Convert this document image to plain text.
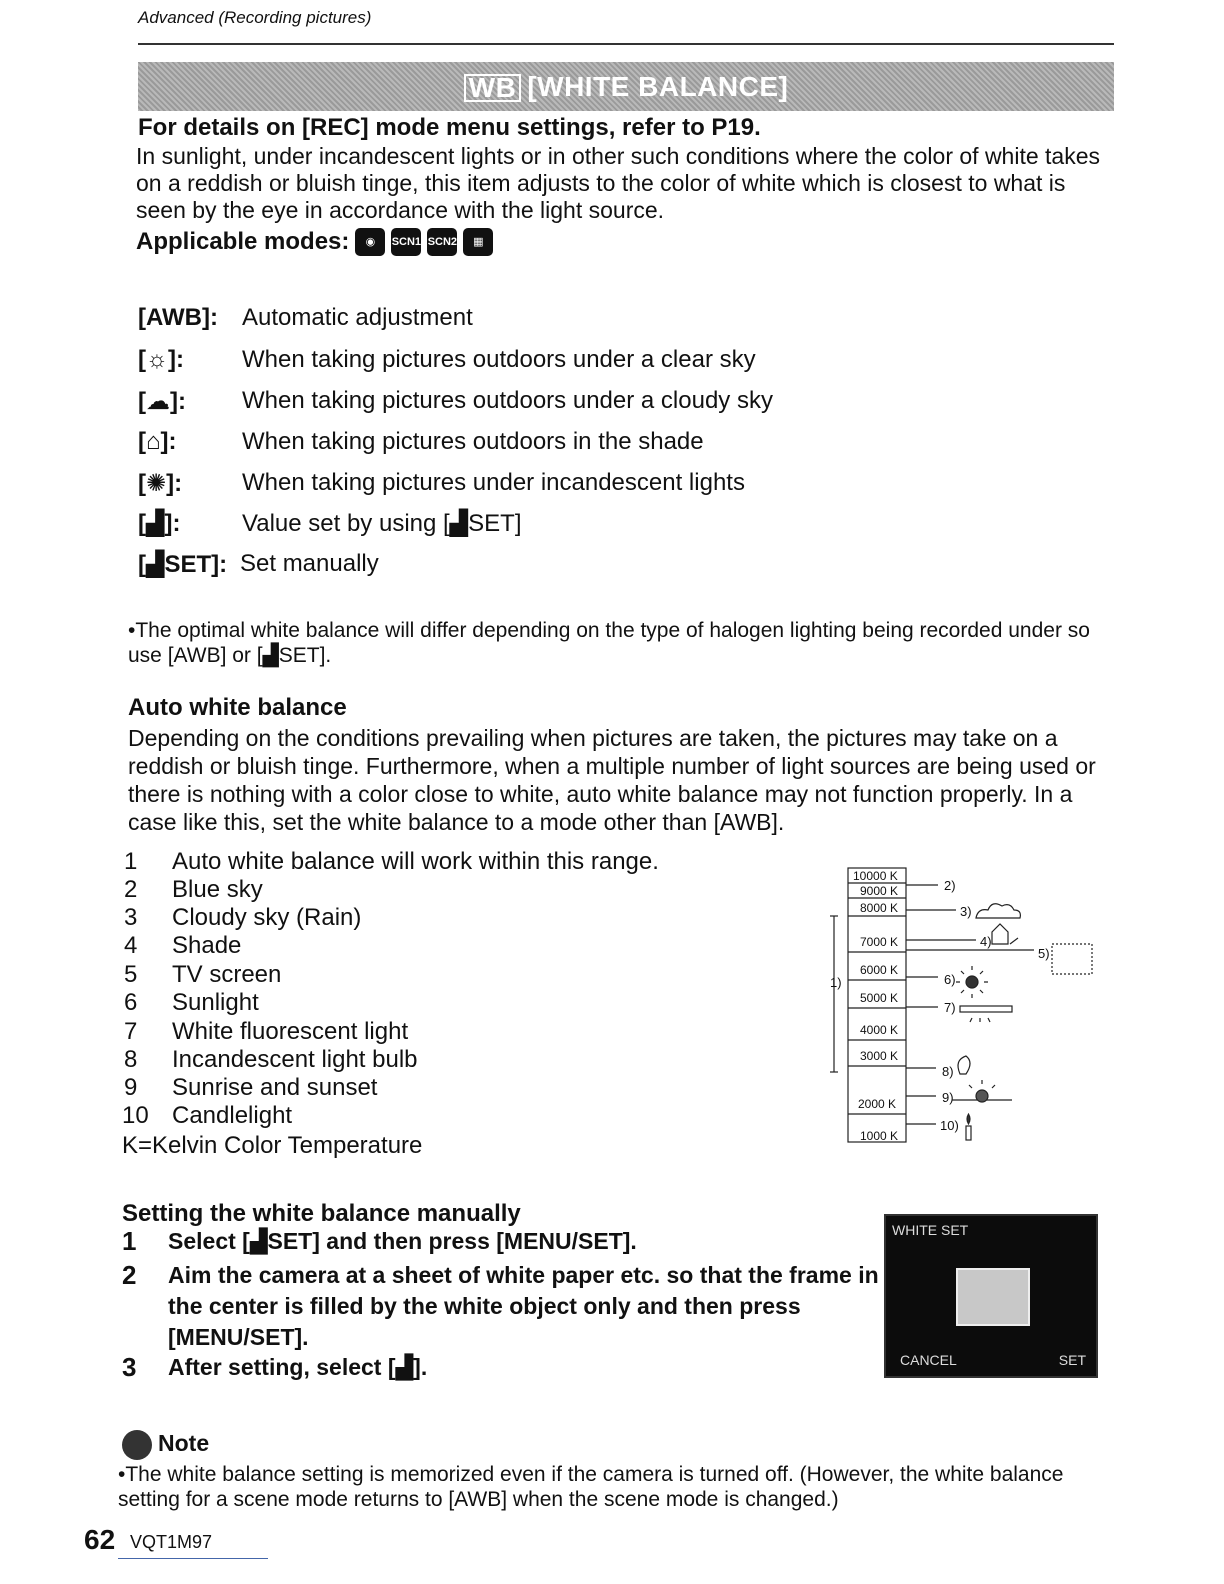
Advanced (Recording pictures)
WB [WHITE BALANCE]
For details on [REC] mode menu settings, refer to P19.
In sunlight, under incandescent lights or in other such conditions where the color of white takes on a reddish or bluish tinge, this item adjusts to the color of white which is closest to what is seen by the eye in accordance with the light source.
Applicable modes:	◉	SCN1 SCN2	▦
[AWB]: Automatic adjustment
[☼]: When taking pictures outdoors under a clear sky
[☁]: When taking pictures outdoors under a cloudy sky
[⌂]:	When taking pictures outdoors in the shade
[✺]: When taking pictures under incandescent lights
[▟]:	Value set by using [▟SET]
[▟SET]: Set manually
•The optimal white balance will differ depending on the type of halogen lighting being recorded under so use [AWB] or [▟SET].
Auto white balance
Depending on the conditions prevailing when pictures are taken, the pictures may take on a reddish or bluish tinge. Furthermore, when a multiple number of light sources are being used or there is nothing with a color close to white, auto white balance may not function properly. In a case like this, set the white balance to a mode other than [AWB].
1 Auto white balance will work within this range.
2 Blue sky
3 Cloudy sky (Rain)
4 Shade
5 TV screen
6 Sunlight
7 White fluorescent light
8 Incandescent light bulb
9 Sunrise and sunset
10 Candlelight
K=Kelvin Color Temperature
10000 K
9000 K
8000 K
7000 K
6000 K
5000 K
4000 K
3000 K
2000 K
1000 K
1)
2)
3)
4)
5)
6)
7)
8)
9)
10)
Setting the white balance manually
1 Select [▟SET] and then press [MENU/SET].
2 Aim the camera at a sheet of white paper etc. so that the frame in the center is filled by the white object only and then press [MENU/SET].
3 After setting, select [▟].
WHITE SET
CANCEL	SET
Note
•The white balance setting is memorized even if the camera is turned off. (However, the white balance setting for a scene mode returns to [AWB] when the scene mode is changed.)
62 VQT1M97
